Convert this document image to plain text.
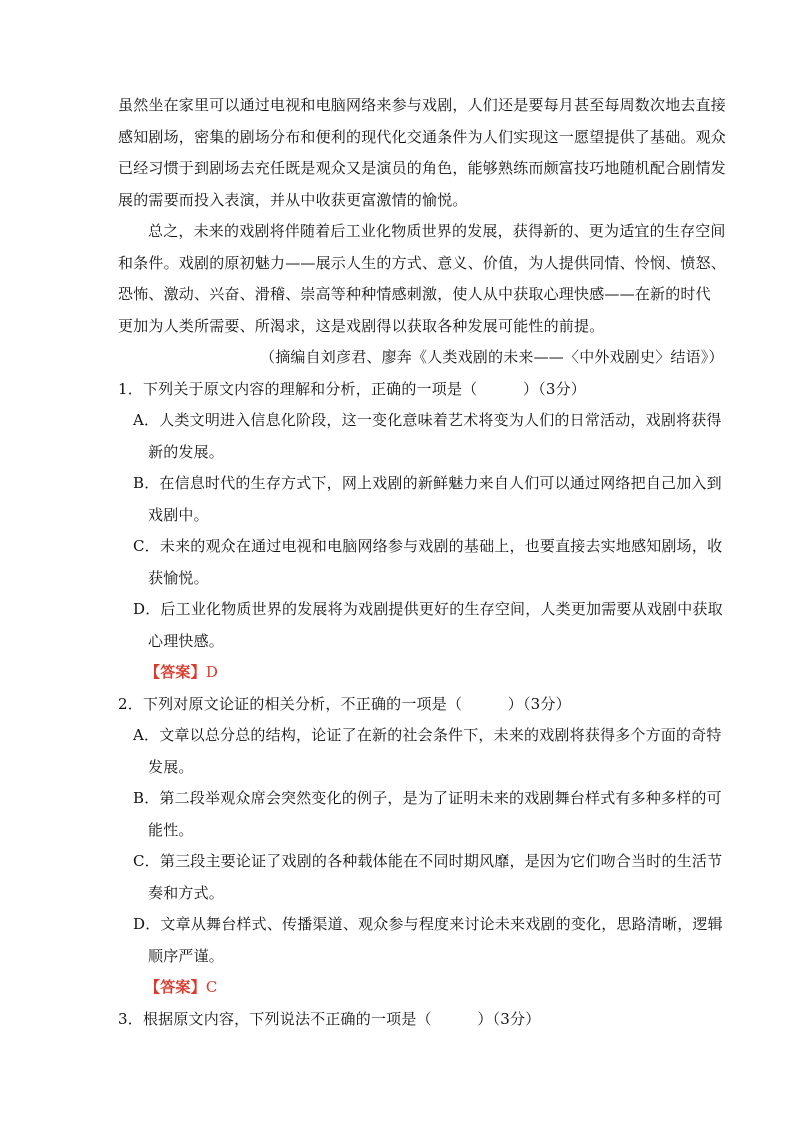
虽然坐在家里可以通过电视和电脑网络来参与戏剧，人们还是要每月甚至每周数次地去直接
感知剧场，密集的剧场分布和便利的现代化交通条件为人们实现这一愿望提供了基础。观众
已经习惯于到剧场去充任既是观众又是演员的角色，能够熟练而颇富技巧地随机配合剧情发
展的需要而投入表演，并从中收获更富激情的愉悦。
总之，未来的戏剧将伴随着后工业化物质世界的发展，获得新的、更为适宜的生存空间
和条件。戏剧的原初魅力——展示人生的方式、意义、价值，为人提供同情、怜悯、愤怒、
恐怖、激动、兴奋、滑稽、崇高等种种情感刺激，使人从中获取心理快感——在新的时代
更加为人类所需要、所渴求，这是戏剧得以获取各种发展可能性的前提。
（摘编自刘彦君、廖奔《人类戏剧的未来——〈中外戏剧史〉结语》）
1．下列关于原文内容的理解和分析，正确的一项是（　　　）（3分）
A．人类文明进入信息化阶段，这一变化意味着艺术将变为人们的日常活动，戏剧将获得
新的发展。
B．在信息时代的生存方式下，网上戏剧的新鲜魅力来自人们可以通过网络把自己加入到
戏剧中。
C．未来的观众在通过电视和电脑网络参与戏剧的基础上，也要直接去实地感知剧场，收
获愉悦。
D．后工业化物质世界的发展将为戏剧提供更好的生存空间，人类更加需要从戏剧中获取
心理快感。
【答案】D
2．下列对原文论证的相关分析，不正确的一项是（　　　）（3分）
A．文章以总分总的结构，论证了在新的社会条件下，未来的戏剧将获得多个方面的奇特
发展。
B．第二段举观众席会突然变化的例子，是为了证明未来的戏剧舞台样式有多种多样的可
能性。
C．第三段主要论证了戏剧的各种载体能在不同时期风靡，是因为它们吻合当时的生活节
奏和方式。
D．文章从舞台样式、传播渠道、观众参与程度来讨论未来戏剧的变化，思路清晰，逻辑
顺序严谨。
【答案】C
3．根据原文内容，下列说法不正确的一项是（　　　）（3分）
